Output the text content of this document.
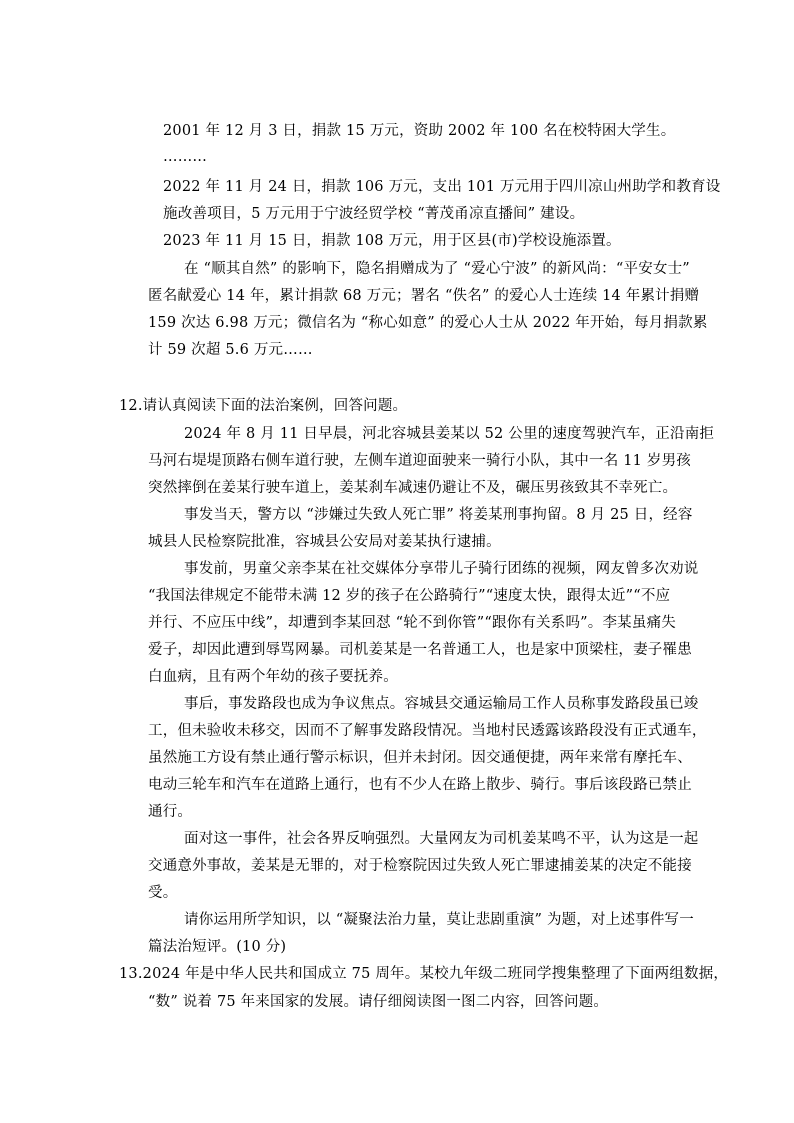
2001 年 12 月 3 日，捐款 15 万元，资助 2002 年 100 名在校特困大学生。
………
2022 年 11 月 24 日，捐款 106 万元，支出 101 万元用于四川凉山州助学和教育设
施改善项目，5 万元用于宁波经贸学校 “菁茂甬凉直播间” 建设。
2023 年 11 月 15 日，捐款 108 万元，用于区县(市)学校设施添置。
在 “顺其自然” 的影响下，隐名捐赠成为了 “爱心宁波” 的新风尚：“平安女士”
匿名献爱心 14 年，累计捐款 68 万元；署名 “佚名” 的爱心人士连续 14 年累计捐赠
159 次达 6.98 万元；微信名为 “称心如意” 的爱心人士从 2022 年开始，每月捐款累
计 59 次超 5.6 万元……
12.请认真阅读下面的法治案例，回答问题。
2024 年 8 月 11 日早晨，河北容城县姜某以 52 公里的速度驾驶汽车，正沿南拒
马河右堤堤顶路右侧车道行驶，左侧车道迎面驶来一骑行小队，其中一名 11 岁男孩
突然摔倒在姜某行驶车道上，姜某刹车减速仍避让不及，碾压男孩致其不幸死亡。
事发当天，警方以 “涉嫌过失致人死亡罪” 将姜某刑事拘留。8 月 25 日，经容
城县人民检察院批准，容城县公安局对姜某执行逮捕。
事发前，男童父亲李某在社交媒体分享带儿子骑行团练的视频，网友曾多次劝说
“我国法律规定不能带未满 12 岁的孩子在公路骑行”“速度太快，跟得太近”“不应
并行、不应压中线”，却遭到李某回怼 “轮不到你管”“跟你有关系吗”。李某虽痛失
爱子，却因此遭到辱骂网暴。司机姜某是一名普通工人，也是家中顶梁柱，妻子罹患
白血病，且有两个年幼的孩子要抚养。
事后，事发路段也成为争议焦点。容城县交通运输局工作人员称事发路段虽已竣
工，但未验收未移交，因而不了解事发路段情况。当地村民透露该路段没有正式通车，
虽然施工方设有禁止通行警示标识，但并未封闭。因交通便捷，两年来常有摩托车、
电动三轮车和汽车在道路上通行，也有不少人在路上散步、骑行。事后该段路已禁止
通行。
面对这一事件，社会各界反响强烈。大量网友为司机姜某鸣不平，认为这是一起
交通意外事故，姜某是无罪的，对于检察院因过失致人死亡罪逮捕姜某的决定不能接
受。
请你运用所学知识，以 “凝聚法治力量，莫让悲剧重演” 为题，对上述事件写一
篇法治短评。(10 分)
13.2024 年是中华人民共和国成立 75 周年。某校九年级二班同学搜集整理了下面两组数据，
“数” 说着 75 年来国家的发展。请仔细阅读图一图二内容，回答问题。
